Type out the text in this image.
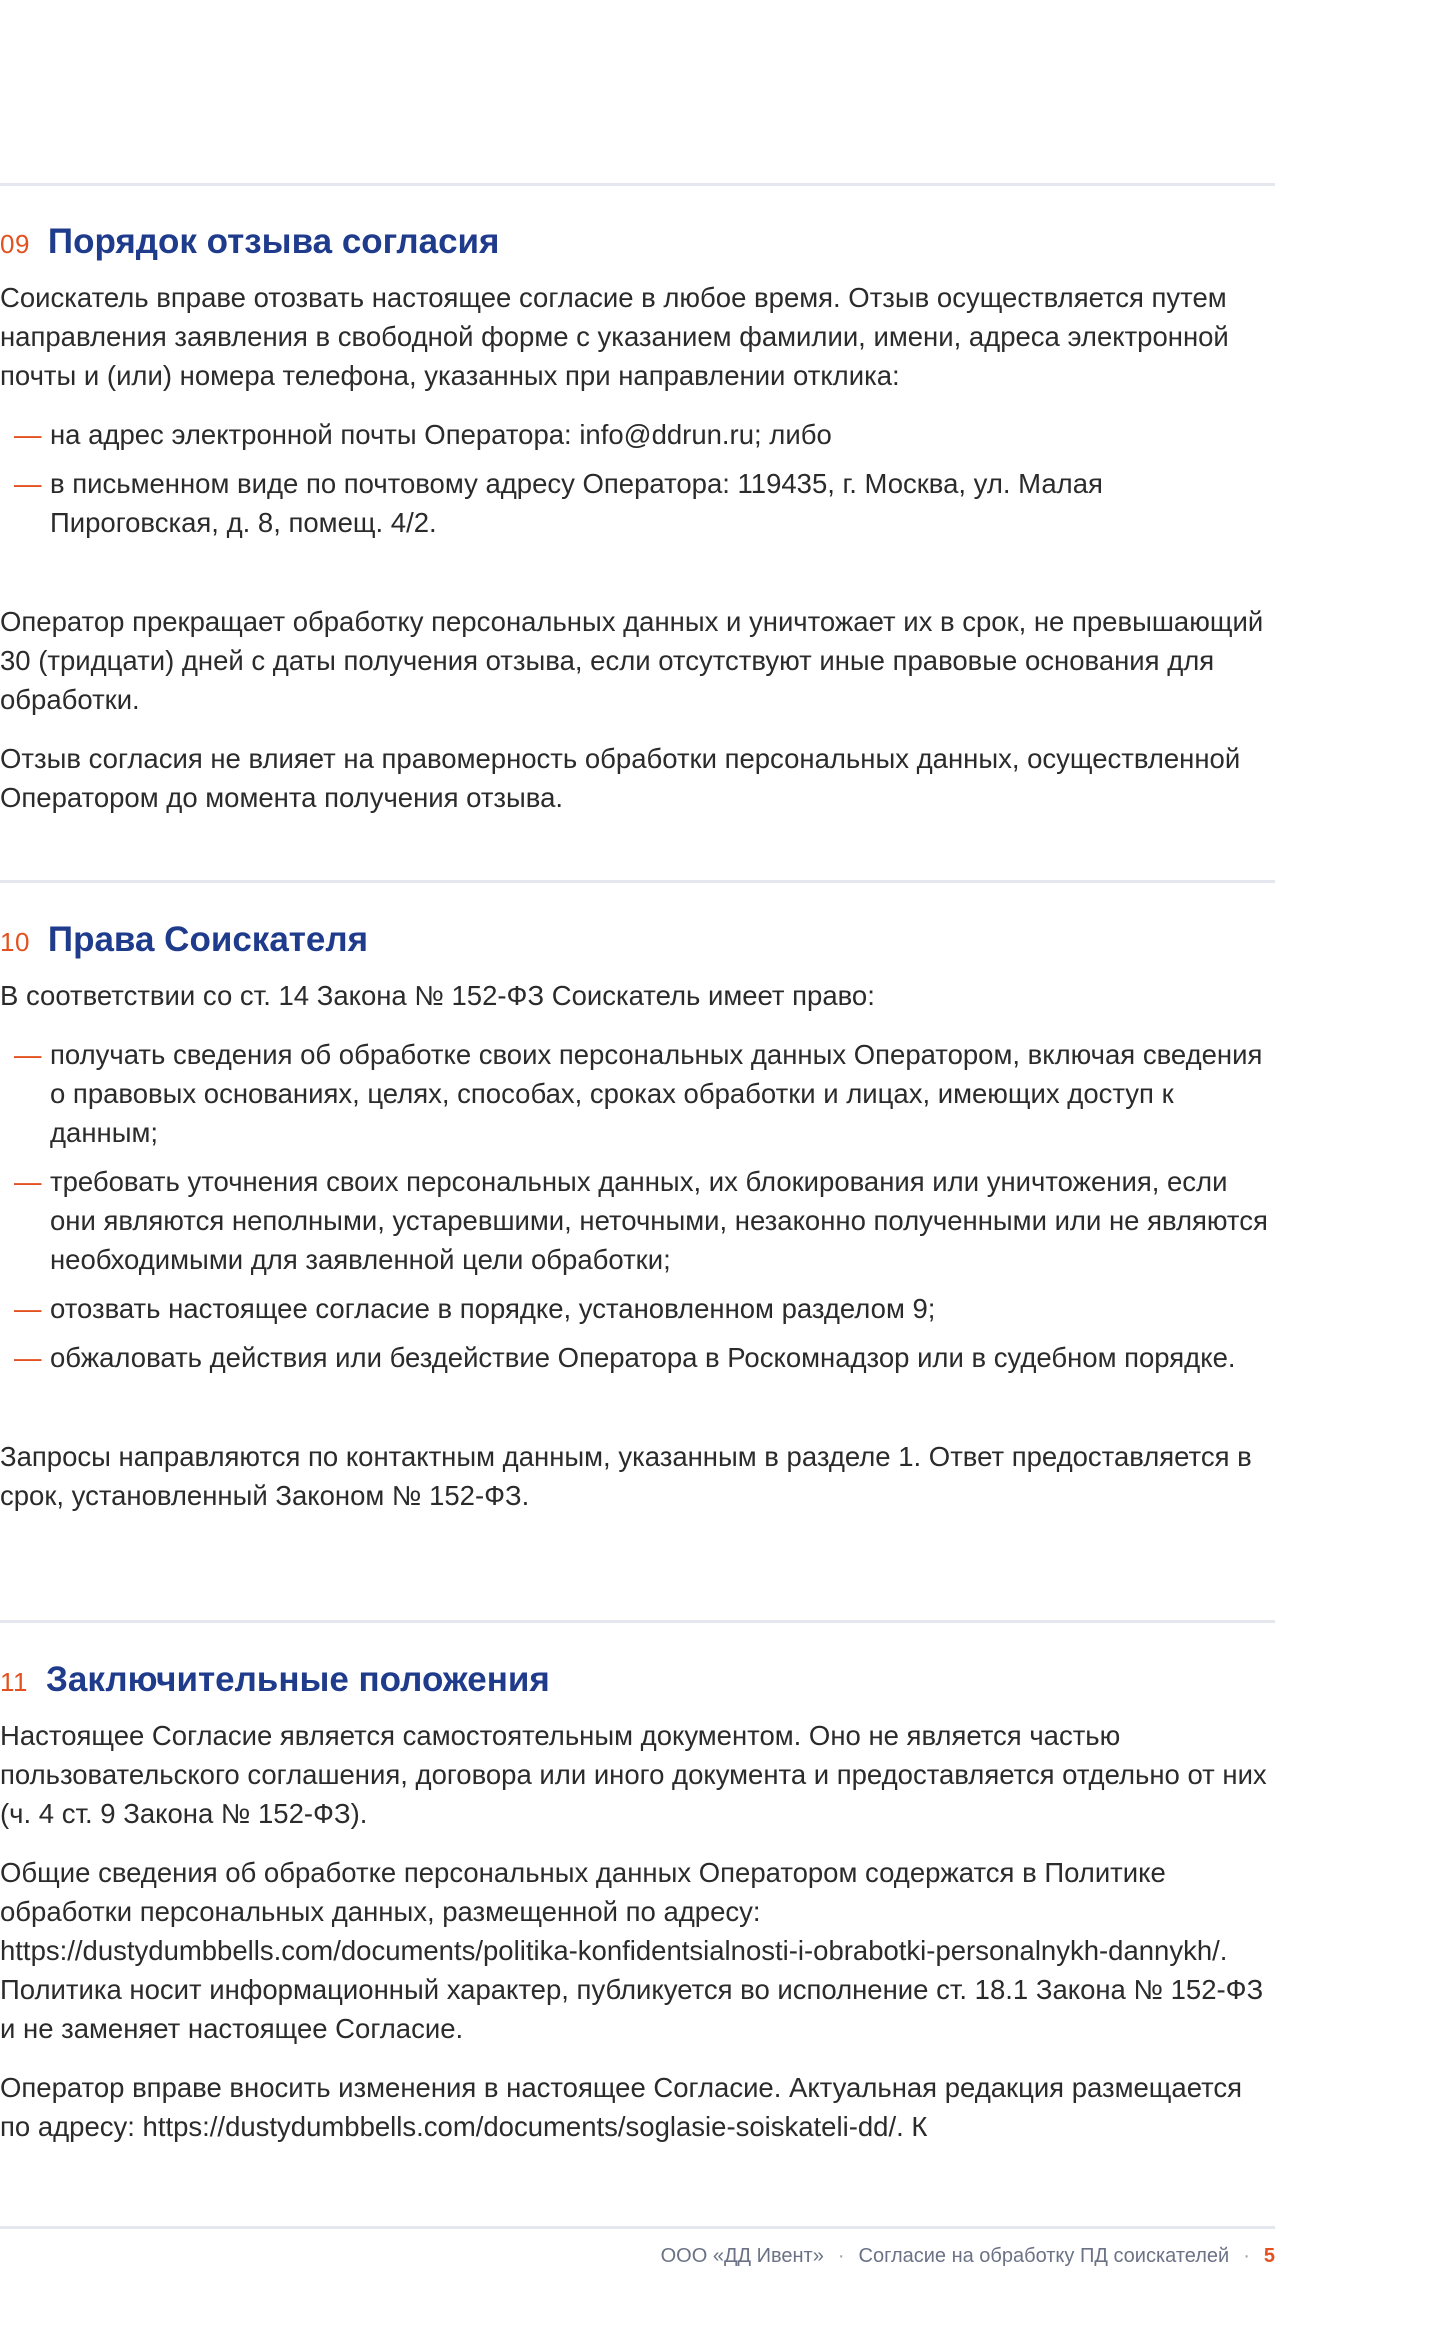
09 Порядок отзыва согласия

Соискатель вправе отозвать настоящее согласие в любое время. Отзыв осуществляется путем направления заявления в свободной форме с указанием фамилии, имени, адреса электронной почты и (или) номера телефона, указанных при направлении отклика:

— на адрес электронной почты Оператора: info@ddrun.ru; либо
— в письменном виде по почтовому адресу Оператора: 119435, г. Москва, ул. Малая Пироговская, д. 8, помещ. 4/2.

Оператор прекращает обработку персональных данных и уничтожает их в срок, не превышающий 30 (тридцати) дней с даты получения отзыва, если отсутствуют иные правовые основания для обработки.

Отзыв согласия не влияет на правомерность обработки персональных данных, осуществленной Оператором до момента получения отзыва.

10 Права Соискателя

В соответствии со ст. 14 Закона № 152-ФЗ Соискатель имеет право:

— получать сведения об обработке своих персональных данных Оператором, включая сведения о правовых основаниях, целях, способах, сроках обработки и лицах, имеющих доступ к данным;
— требовать уточнения своих персональных данных, их блокирования или уничтожения, если они являются неполными, устаревшими, неточными, незаконно полученными или не являются необходимыми для заявленной цели обработки;
— отозвать настоящее согласие в порядке, установленном разделом 9;
— обжаловать действия или бездействие Оператора в Роскомнадзор или в судебном порядке.

Запросы направляются по контактным данным, указанным в разделе 1. Ответ предоставляется в срок, установленный Законом № 152-ФЗ.

11 Заключительные положения

Настоящее Согласие является самостоятельным документом. Оно не является частью пользовательского соглашения, договора или иного документа и предоставляется отдельно от них (ч. 4 ст. 9 Закона № 152-ФЗ).

Общие сведения об обработке персональных данных Оператором содержатся в Политике обработки персональных данных, размещенной по адресу: https://dustydumbbells.com/documents/politika-konfidentsialnosti-i-obrabotki-personalnykh-dannykh/. Политика носит информационный характер, публикуется во исполнение ст. 18.1 Закона № 152-ФЗ и не заменяет настоящее Согласие.

Оператор вправе вносить изменения в настоящее Согласие. Актуальная редакция размещается по адресу: https://dustydumbbells.com/documents/soglasie-soiskateli-dd/. К

ООО «ДД Ивент» · Согласие на обработку ПД соискателей · 5
